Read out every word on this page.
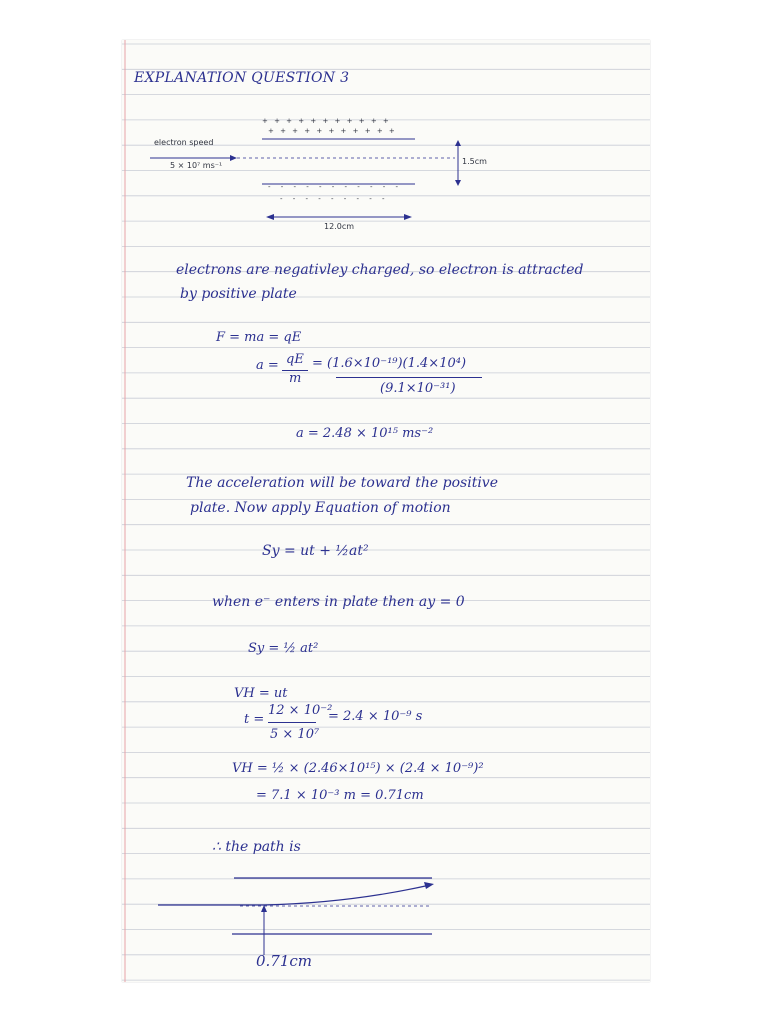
EXPLANATION QUESTION 3
+ + + + + + + + + + +
+ + + + + + + + + + +
- - - - - - - - - - -
- - - - - - - - -
electron speed
5 × 10⁷ ms⁻¹	1.5cm
12.0cm
electrons are negativley charged, so electron is attracted
by positive plate
F = ma = qE
a = qE
m
= (1.6×10⁻¹⁹)(1.4×10⁴)
(9.1×10⁻³¹)
a = 2.48 × 10¹⁵ ms⁻²
The acceleration will be toward the positive
plate. Now apply Equation of motion
Sy = ut + ½at²
when e⁻ enters in plate then ay = 0
Sy = ½ at²
VH = ut
t =
12 × 10⁻²
5 × 10⁷
= 2.4 × 10⁻⁹ s
VH = ½ × (2.46×10¹⁵) × (2.4 × 10⁻⁹)²
= 7.1 × 10⁻³ m = 0.71cm
∴ the path is
0.71cm
